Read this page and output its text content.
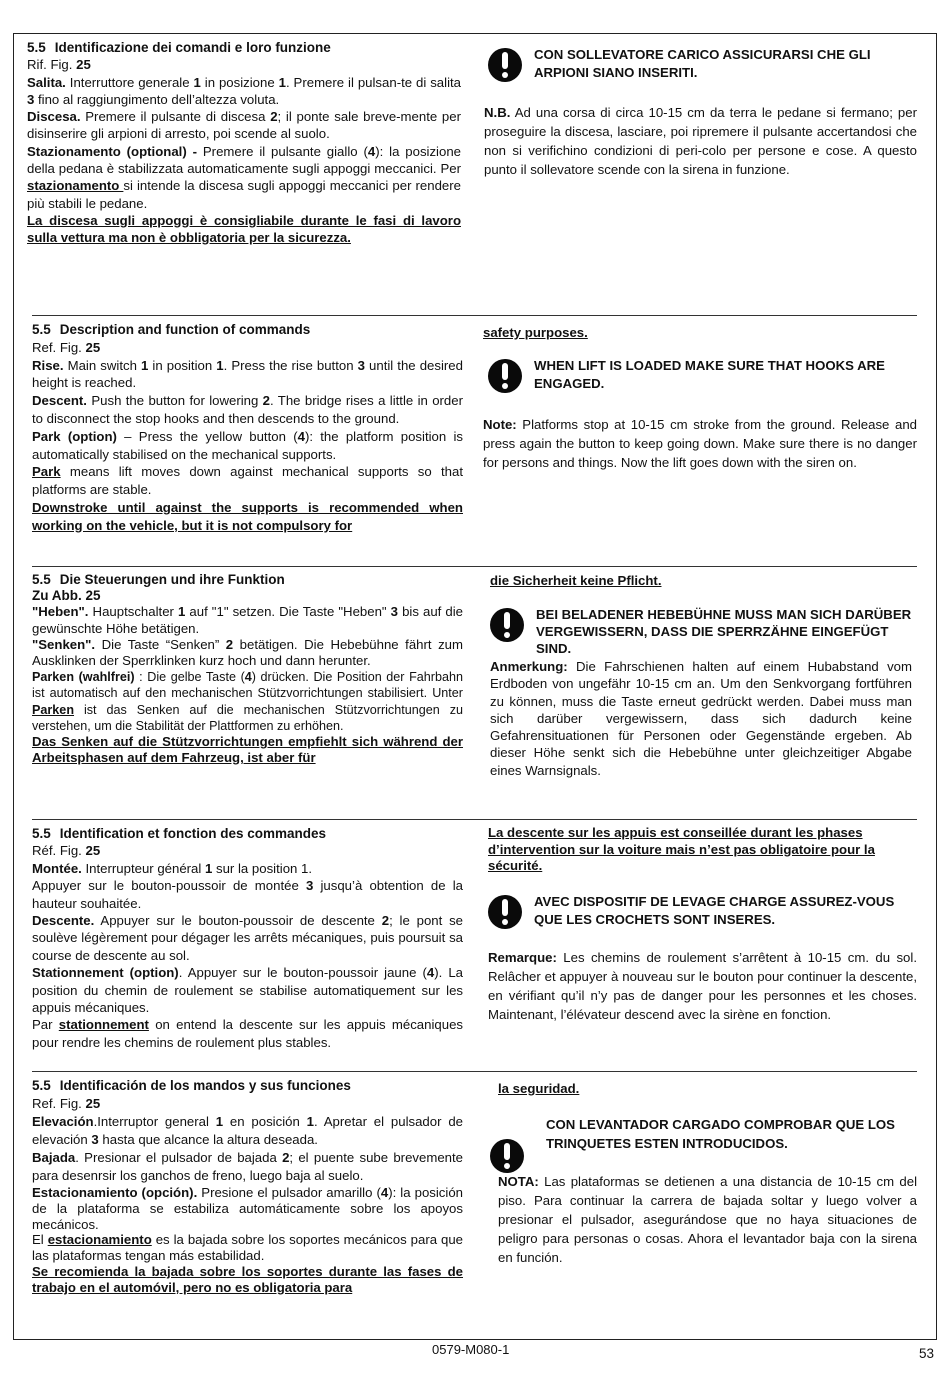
5.5 Identificazione dei comandi e loro funzione

Rif. Fig. 25

Salita. Interruttore generale 1 in posizione 1. Premere il pulsan-te di salita 3 fino al raggiungimento dell’altezza voluta.

Discesa. Premere il pulsante di discesa 2; il ponte sale breve-mente per disinserire gli arpioni di arresto, poi scende al suolo.

Stazionamento (optional) - Premere il pulsante giallo (4): la posizione della pedana è stabilizzata automaticamente sugli appoggi meccanici. Per stazionamento si intende la discesa sugli appoggi meccanici per rendere più stabili le pedane.

La discesa sugli appoggi è consigliabile durante le fasi di lavoro sulla vettura ma non è obbligatoria per la sicurezza.

CON SOLLEVATORE CARICO ASSICURARSI CHE GLI ARPIONI SIANO INSERITI.

N.B. Ad una corsa di circa 10-15 cm da terra le pedane si fermano; per proseguire la discesa, lasciare, poi ripremere il pulsante accertandosi che non si verifichino condizioni di peri-colo per persone e cose. A questo punto il sollevatore scende con la sirena in funzione.

5.5 Description and function of commands

Ref. Fig. 25

Rise. Main switch 1 in position 1. Press the rise button 3 until the desired height is reached.

Descent. Push the button for lowering 2. The bridge rises a little in order to disconnect the stop hooks and then descends to the ground.

Park (option) – Press the yellow button (4): the platform position is automatically stabilised on the mechanical supports.

Park means lift moves down against mechanical supports so that platforms are stable.

Downstroke until against the supports is recommended when working on the vehicle, but it is not compulsory for

safety purposes.

WHEN LIFT IS LOADED MAKE SURE THAT HOOKS ARE ENGAGED.

Note: Platforms stop at 10-15 cm stroke from the ground. Release and press again the button to keep going down. Make sure there is no danger for persons and things. Now the lift goes down with the siren on.

5.5 Die Steuerungen und ihre Funktion

Zu Abb. 25

"Heben". Hauptschalter 1 auf "1" setzen. Die Taste "Heben" 3 bis auf die gewünschte Höhe betätigen.

"Senken". Die Taste “Senken” 2 betätigen. Die Hebebühne fährt zum Ausklinken der Sperrklinken kurz hoch und dann herunter.

Parken (wahlfrei) : Die gelbe Taste (4) drücken. Die Position der Fahrbahn ist automatisch auf den mechanischen Stützvorrichtungen stabilisiert. Unter Parken ist das Senken auf die mechanischen Stützvorrichtungen zu verstehen, um die Stabilität der Plattformen zu erhöhen.

Das Senken auf die Stützvorrichtungen empfiehlt sich während der Arbeitsphasen auf dem Fahrzeug, ist aber für

die Sicherheit keine Pflicht.

BEI BELADENER HEBEBÜHNE MUSS MAN SICH DARÜBER VERGEWISSERN, DASS DIE SPERRZÄHNE EINGEFÜGT SIND.

Anmerkung: Die Fahrschienen halten auf einem Hubabstand vom Erdboden von ungefähr 10-15 cm an. Um den Senkvorgang fortführen zu können, muss die Taste erneut gedrückt werden. Dabei muss man sich darüber vergewissern, dass sich dadurch keine Gefahrensituationen für Personen oder Gegenstände ergeben. Ab dieser Höhe senkt sich die Hebebühne unter gleichzeitiger Abgabe eines Warnsignals.

5.5 Identification et fonction des commandes

Réf. Fig. 25

Montée. Interrupteur général 1 sur la position 1.

Appuyer sur le bouton-poussoir de montée 3 jusqu’à obtention de la hauteur souhaitée.

Descente. Appuyer sur le bouton-poussoir de descente 2; le pont se soulève légèrement pour dégager les arrêts mécaniques, puis poursuit sa course de descente au sol.

Stationnement (option). Appuyer sur le bouton-poussoir jaune (4). La position du chemin de roulement se stabilise automatiquement sur les appuis mécaniques.

Par stationnement on entend la descente sur les appuis mécaniques pour rendre les chemins de roulement plus stables.

La descente sur les appuis est conseillée durant les phases d’intervention sur la voiture mais n’est pas obligatoire pour la sécurité.

AVEC DISPOSITIF DE LEVAGE CHARGE ASSUREZ-VOUS QUE LES CROCHETS SONT INSERES.

Remarque: Les chemins de roulement s’arrêtent à 10-15 cm. du sol. Relâcher et appuyer à nouveau sur le bouton pour continuer la descente, en vérifiant qu’il n’y pas de danger pour les personnes et les choses. Maintenant, l’élévateur descend avec la sirène en fonction.

5.5 Identificación de los mandos y sus funciones

Ref. Fig. 25

Elevación.Interruptor general 1 en posición 1. Apretar el pulsador de elevación 3 hasta que alcance la altura deseada.

Bajada. Presionar el pulsador de bajada 2; el puente sube brevemente para desenrsir los ganchos de freno, luego baja al suelo.

Estacionamiento (opción). Presione el pulsador amarillo (4): la posición de la plataforma se estabiliza automáticamente sobre los apoyos mecánicos.

El estacionamiento es la bajada sobre los soportes mecánicos para que las plataformas tengan más estabilidad.

Se recomienda la bajada sobre los soportes durante las fases de trabajo en el automóvil, pero no es obligatoria para

la seguridad.

CON LEVANTADOR CARGADO COMPROBAR QUE LOS TRINQUETES ESTEN INTRODUCIDOS.

NOTA: Las plataformas se detienen a una distancia de 10-15 cm del piso. Para continuar la carrera de bajada soltar y luego volver a presionar el pulsador, asegurándose que no haya situaciones de peligro para personas o cosas. Ahora el levantador baja con la sirena en función.

0579-M080-1	53
